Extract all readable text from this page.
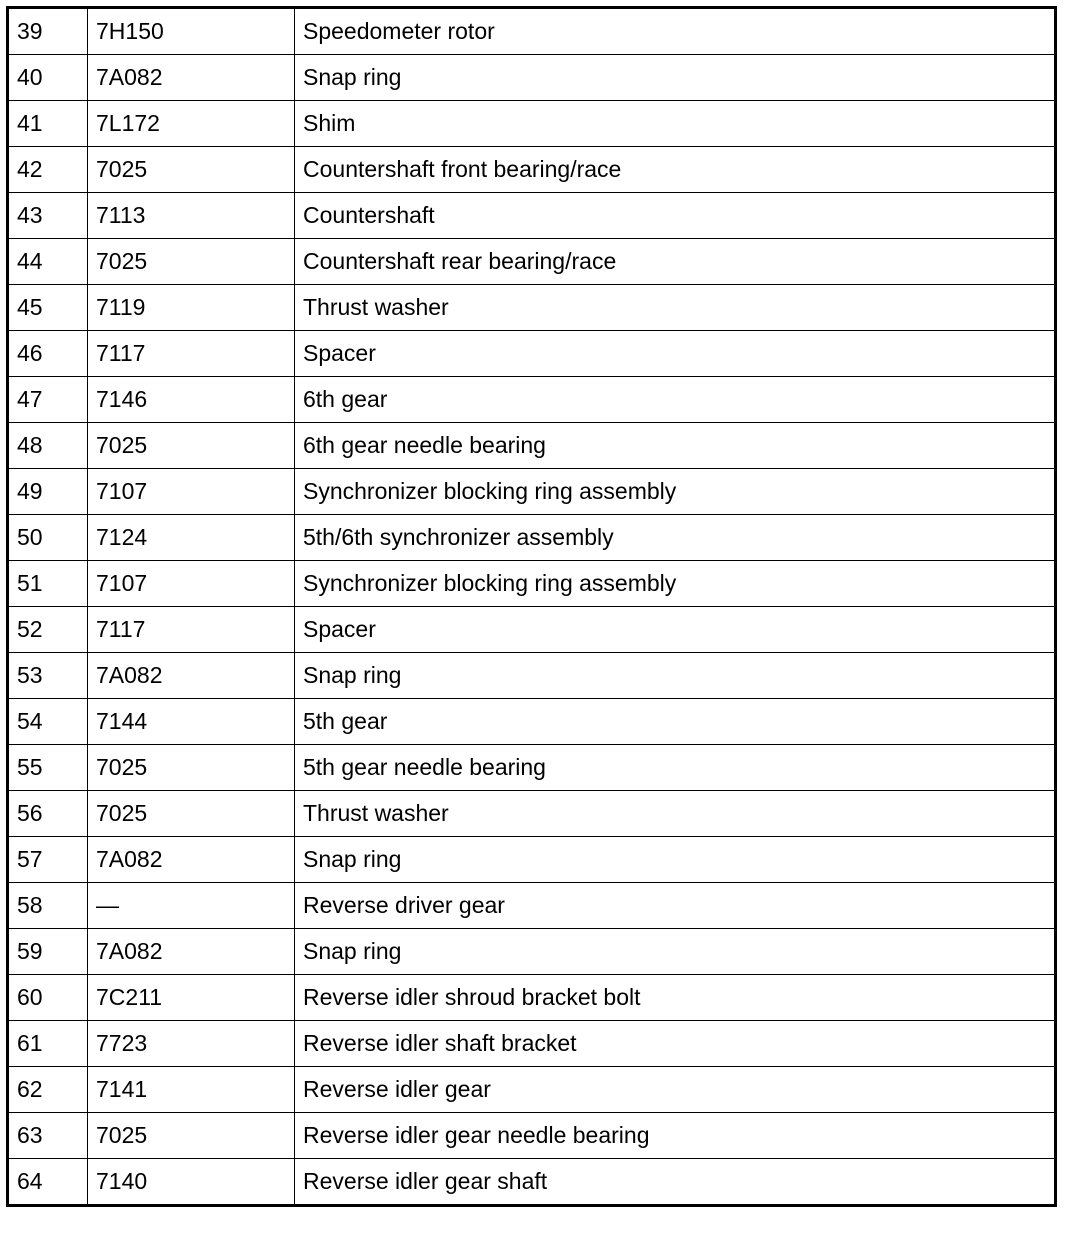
39	7H150	Speedometer rotor
40	7A082	Snap ring
41	7L172	Shim
42	7025	Countershaft front bearing/race
43	7113	Countershaft
44	7025	Countershaft rear bearing/race
45	7119	Thrust washer
46	7117	Spacer
47	7146	6th gear
48	7025	6th gear needle bearing
49	7107	Synchronizer blocking ring assembly
50	7124	5th/6th synchronizer assembly
51	7107	Synchronizer blocking ring assembly
52	7117	Spacer
53	7A082	Snap ring
54	7144	5th gear
55	7025	5th gear needle bearing
56	7025	Thrust washer
57	7A082	Snap ring
58	—	Reverse driver gear
59	7A082	Snap ring
60	7C211	Reverse idler shroud bracket bolt
61	7723	Reverse idler shaft bracket
62	7141	Reverse idler gear
63	7025	Reverse idler gear needle bearing
64	7140	Reverse idler gear shaft
